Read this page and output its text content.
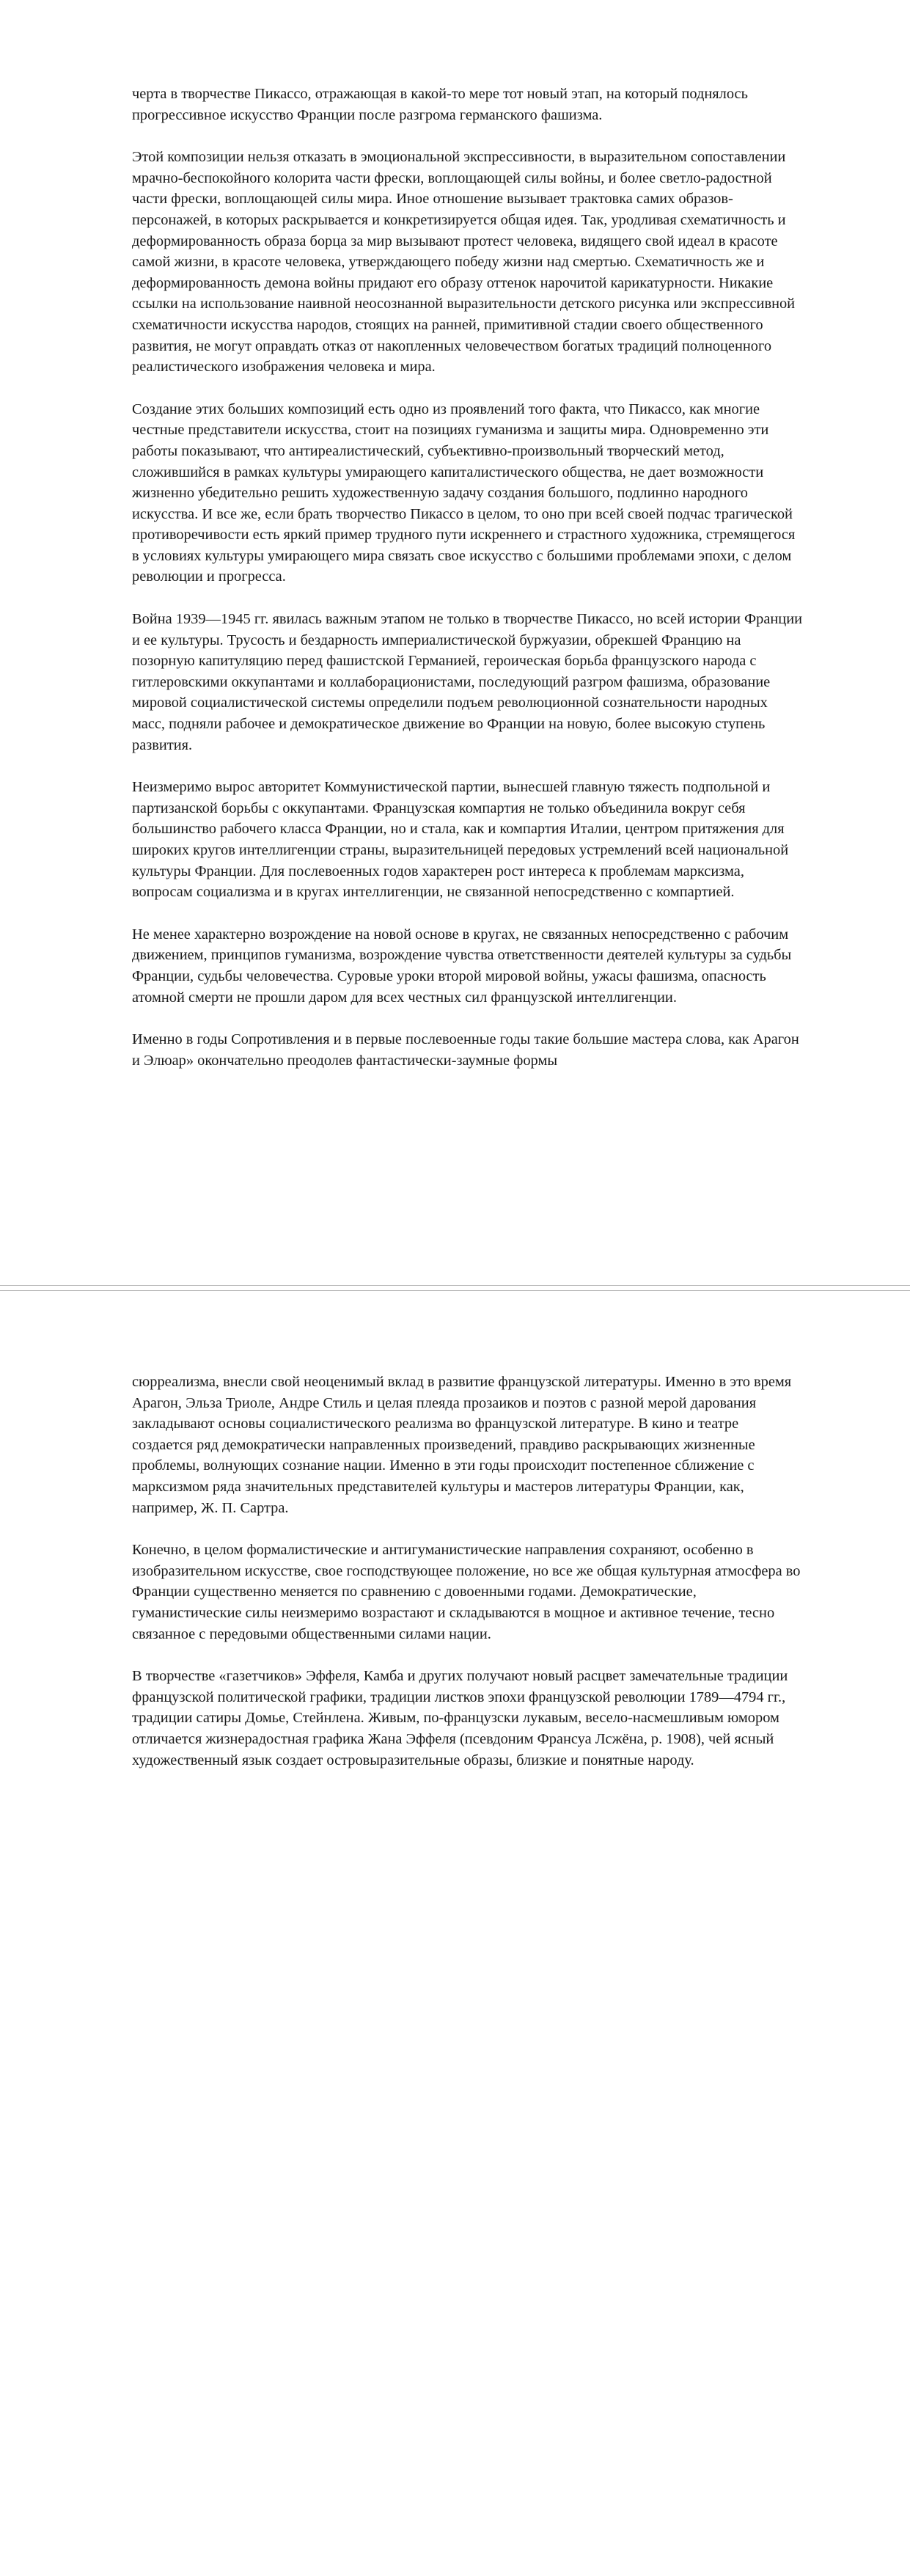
черта в творчестве Пикассо, отражающая в какой-то мере тот новый этап, на который поднялось прогрессивное искусство Франции после разгрома германского фашизма.

Этой композиции нельзя отказать в эмоциональной экспрессивности, в выразительном сопоставлении мрачно-беспокойного колорита части фрески, воплощающей силы войны, и более светло-радостной части фрески, воплощающей силы мира. Иное отношение вызывает трактовка самих образов-персонажей, в которых раскрывается и конкретизируется общая идея. Так, уродливая схематичность и деформированность образа борца за мир вызывают протест человека, видящего свой идеал в красоте самой жизни, в красоте человека, утверждающего победу жизни над смертью. Схематичность же и деформированность демона войны придают его образу оттенок нарочитой карикатурности. Никакие ссылки на использование наивной неосознанной выразительности детского рисунка или экспрессивной схематичности искусства народов, стоящих на ранней, примитивной стадии своего общественного развития, не могут оправдать отказ от накопленных человечеством богатых традиций полноценного реалистического изображения человека и мира.

Создание этих больших композиций есть одно из проявлений того факта, что Пикассо, как многие честные представители искусства, стоит на позициях гуманизма и защиты мира. Одновременно эти работы показывают, что антиреалистический, субъективно-произвольный творческий метод, сложившийся в рамках культуры умирающего капиталистического общества, не дает возможности жизненно убедительно решить художественную задачу создания большого, подлинно народного искусства. И все же, если брать творчество Пикассо в целом, то оно при всей своей подчас трагической противоречивости есть яркий пример трудного пути искреннего и страстного художника, стремящегося в условиях культуры умирающего мира связать свое искусство с большими проблемами эпохи, с делом революции и прогресса.

Война 1939—1945 гг. явилась важным этапом не только в творчестве Пикассо, но всей истории Франции и ее культуры. Трусость и бездарность империалистической буржуазии, обрекшей Францию на позорную капитуляцию перед фашистской Германией, героическая борьба французского народа с гитлеровскими оккупантами и коллаборационистами, последующий разгром фашизма, образование мировой социалистической системы определили подъем революционной сознательности народных масс, подняли рабочее и демократическое движение во Франции на новую, более высокую ступень развития.

Неизмеримо вырос авторитет Коммунистической партии, вынесшей главную тяжесть подпольной и партизанской борьбы с оккупантами. Французская компартия не только объединила вокруг себя большинство рабочего класса Франции, но и стала, как и компартия Италии, центром притяжения для широких кругов интеллигенции страны, выразительницей передовых устремлений всей национальной культуры Франции. Для послевоенных годов характерен рост интереса к проблемам марксизма, вопросам социализма и в кругах интеллигенции, не связанной непосредственно с компартией.

Не менее характерно возрождение на новой основе в кругах, не связанных непосредственно с рабочим движением, принципов гуманизма, возрождение чувства ответственности деятелей культуры за судьбы Франции, судьбы человечества. Суровые уроки второй мировой войны, ужасы фашизма, опасность атомной смерти не прошли даром для всех честных сил французской интеллигенции.

Именно в годы Сопротивления и в первые послевоенные годы такие большие мастера слова, как Арагон и Элюар» окончательно преодолев фантастически-заумные формы

сюрреализма, внесли свой неоценимый вклад в развитие французской литературы. Именно в это время Арагон, Эльза Триоле, Андре Стиль и целая плеяда прозаиков и поэтов с разной мерой дарования закладывают основы социалистического реализма во французской литературе. В кино и театре создается ряд демократически направленных произведений, правдиво раскрывающих жизненные проблемы, волнующих сознание нации. Именно в эти годы происходит постепенное сближение с марксизмом ряда значительных представителей культуры и мастеров литературы Франции, как, например, Ж. П. Сартра.

Конечно, в целом формалистические и антигуманистические направления сохраняют, особенно в изобразительном искусстве, свое господствующее положение, но все же общая культурная атмосфера во Франции существенно меняется по сравнению с довоенными годами. Демократические, гуманистические силы неизмеримо возрастают и складываются в мощное и активное течение, тесно связанное с передовыми общественными силами нации.

В творчестве «газетчиков» Эффеля, Камба и других получают новый расцвет замечательные традиции французской политической графики, традиции листков эпохи французской революции 1789—4794 гг., традиции сатиры Домье, Стейнлена. Живым, по-французски лукавым, весело-насмешливым юмором отличается жизнерадостная графика Жана Эффеля (псевдоним Франсуа Лсжёна, р. 1908), чей ясный художественный язык создает островыразительные образы, близкие и понятные народу.
